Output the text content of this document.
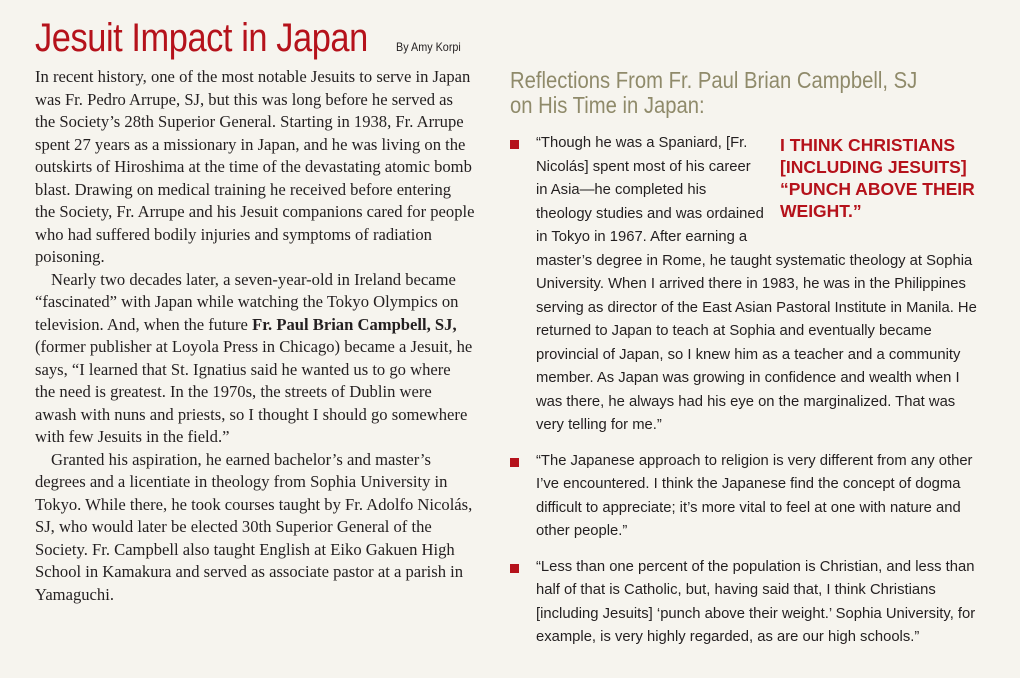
Jesuit Impact in Japan By Amy Korpi

In recent history, one of the most notable Jesuits to serve in Japan was Fr. Pedro Arrupe, SJ, but this was long before he served as the Society’s 28th Superior General. Starting in 1938, Fr. Arrupe spent 27 years as a missionary in Japan, and he was living on the outskirts of Hiroshima at the time of the devastating atomic bomb blast. Drawing on medical training he received before entering the Society, Fr. Arrupe and his Jesuit companions cared for people who had suffered bodily injuries and symptoms of radiation poisoning.

Nearly two decades later, a seven-year-old in Ireland became “fascinated” with Japan while watching the Tokyo Olympics on television. And, when the future Fr. Paul Brian Campbell, SJ, (former publisher at Loyola Press in Chicago) became a Jesuit, he says, “I learned that St. Ignatius said he wanted us to go where the need is greatest. In the 1970s, the streets of Dublin were awash with nuns and priests, so I thought I should go somewhere with few Jesuits in the field.”

Granted his aspiration, he earned bachelor’s and master’s degrees and a licentiate in theology from Sophia University in Tokyo. While there, he took courses taught by Fr. Adolfo Nicolás, SJ, who would later be elected 30th Superior General of the Society. Fr. Campbell also taught English at Eiko Gakuen High School in Kamakura and served as associate pastor at a parish in Yamaguchi.

Reflections From Fr. Paul Brian Campbell, SJ
on His Time in Japan:
I THINK CHRISTIANS [INCLUDING JESUITS] “PUNCH ABOVE THEIR WEIGHT.”
“Though he was a Spaniard, [Fr. Nicolás] spent most of his career in Asia—he completed his theology studies and was ordained in Tokyo in 1967. After earning a master’s degree in Rome, he taught systematic theology at Sophia University. When I arrived there in 1983, he was in the Philippines serving as director of the East Asian Pastoral Institute in Manila. He returned to Japan to teach at Sophia and eventually became provincial of Japan, so I knew him as a teacher and a community member. As Japan was growing in confidence and wealth when I was there, he always had his eye on the marginalized. That was very telling for me.”
“The Japanese approach to religion is very different from any other I’ve encountered. I think the Japanese find the concept of dogma difficult to appreciate; it’s more vital to feel at one with nature and other people.”
“Less than one percent of the population is Christian, and less than half of that is Catholic, but, having said that, I think Christians [including Jesuits] ‘punch above their weight.’ Sophia University, for example, is very highly regarded, as are our high schools.”
